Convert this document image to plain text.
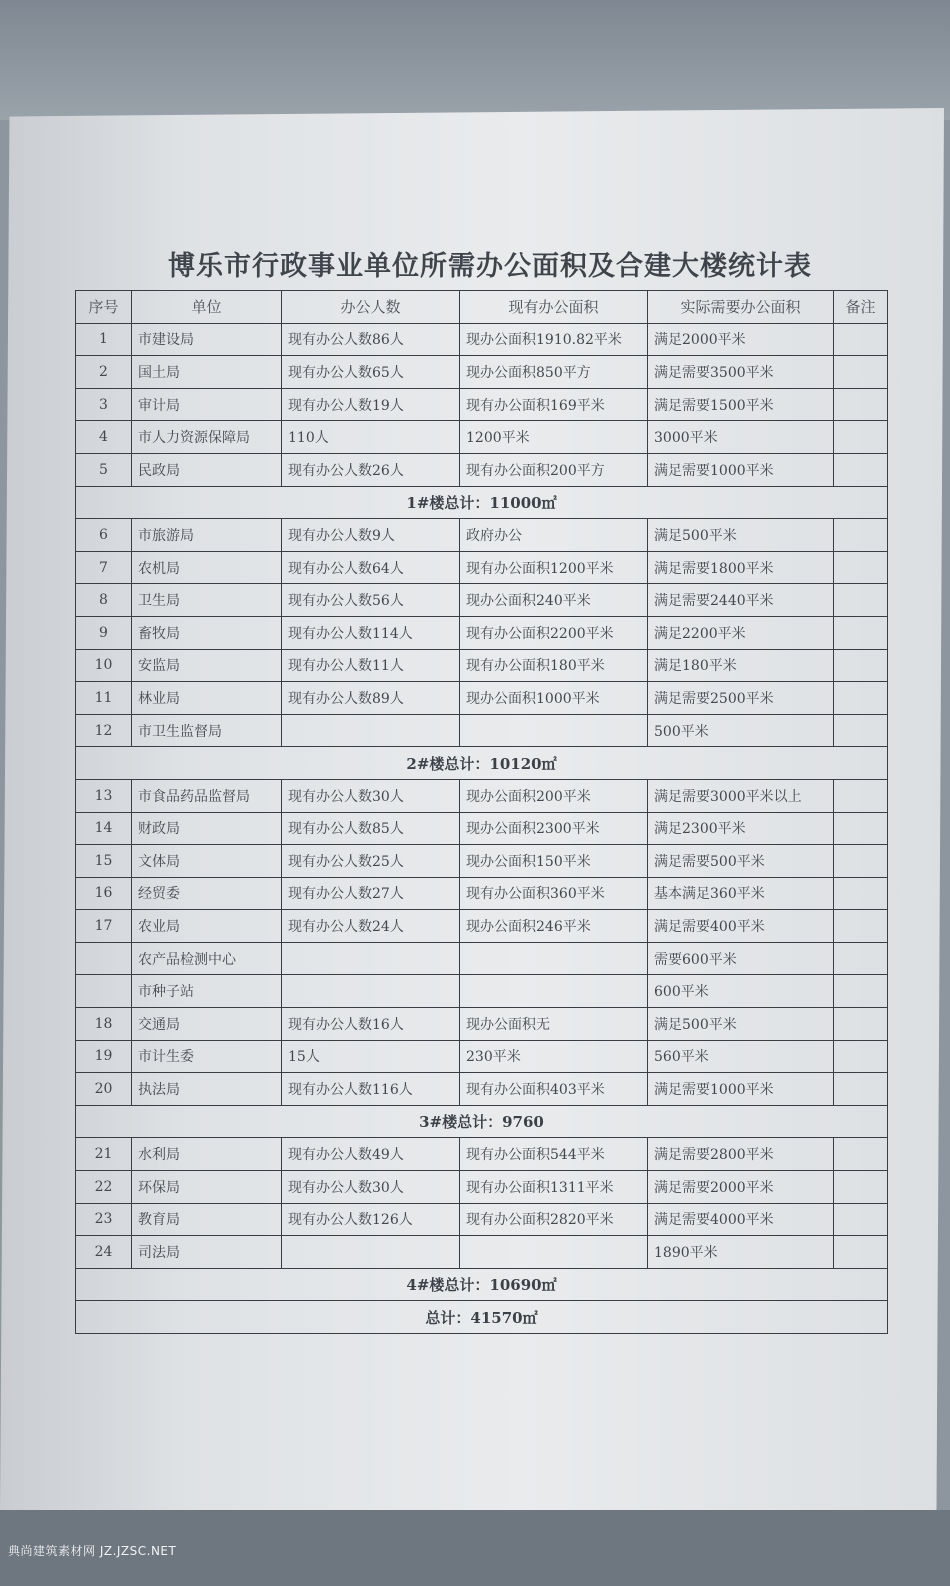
博乐市行政事业单位所需办公面积及合建大楼统计表
序号	单位	办公人数	现有办公面积	实际需要办公面积	备注
1	市建设局	现有办公人数86人	现办公面积1910.82平米	满足2000平米	
2	国土局	现有办公人数65人	现办公面积850平方	满足需要3500平米	
3	审计局	现有办公人数19人	现有办公面积169平米	满足需要1500平米	
4	市人力资源保障局	110人	1200平米	3000平米	
5	民政局	现有办公人数26人	现有办公面积200平方	满足需要1000平米	
1#楼总计：11000㎡					
6	市旅游局	现有办公人数9人	政府办公	满足500平米	
7	农机局	现有办公人数64人	现有办公面积1200平米	满足需要1800平米	
8	卫生局	现有办公人数56人	现办公面积240平米	满足需要2440平米	
9	畜牧局	现有办公人数114人	现有办公面积2200平米	满足2200平米	
10	安监局	现有办公人数11人	现有办公面积180平米	满足180平米	
11	林业局	现有办公人数89人	现办公面积1000平米	满足需要2500平米	
12	市卫生监督局			500平米	
2#楼总计：10120㎡					
13	市食品药品监督局	现有办公人数30人	现办公面积200平米	满足需要3000平米以上	
14	财政局	现有办公人数85人	现办公面积2300平米	满足2300平米	
15	文体局	现有办公人数25人	现办公面积150平米	满足需要500平米	
16	经贸委	现有办公人数27人	现有办公面积360平米	基本满足360平米	
17	农业局	现有办公人数24人	现办公面积246平米	满足需要400平米	
	农产品检测中心			需要600平米	
	市种子站			600平米	
18	交通局	现有办公人数16人	现办公面积无	满足500平米	
19	市计生委	15人	230平米	560平米	
20	执法局	现有办公人数116人	现有办公面积403平米	满足需要1000平米	
3#楼总计：9760					
21	水利局	现有办公人数49人	现有办公面积544平米	满足需要2800平米	
22	环保局	现有办公人数30人	现有办公面积1311平米	满足需要2000平米	
23	教育局	现有办公人数126人	现有办公面积2820平米	满足需要4000平米	
24	司法局			1890平米	
4#楼总计：10690㎡					
总计：41570㎡					
典尚建筑素材网 JZ.JZSC.NET
